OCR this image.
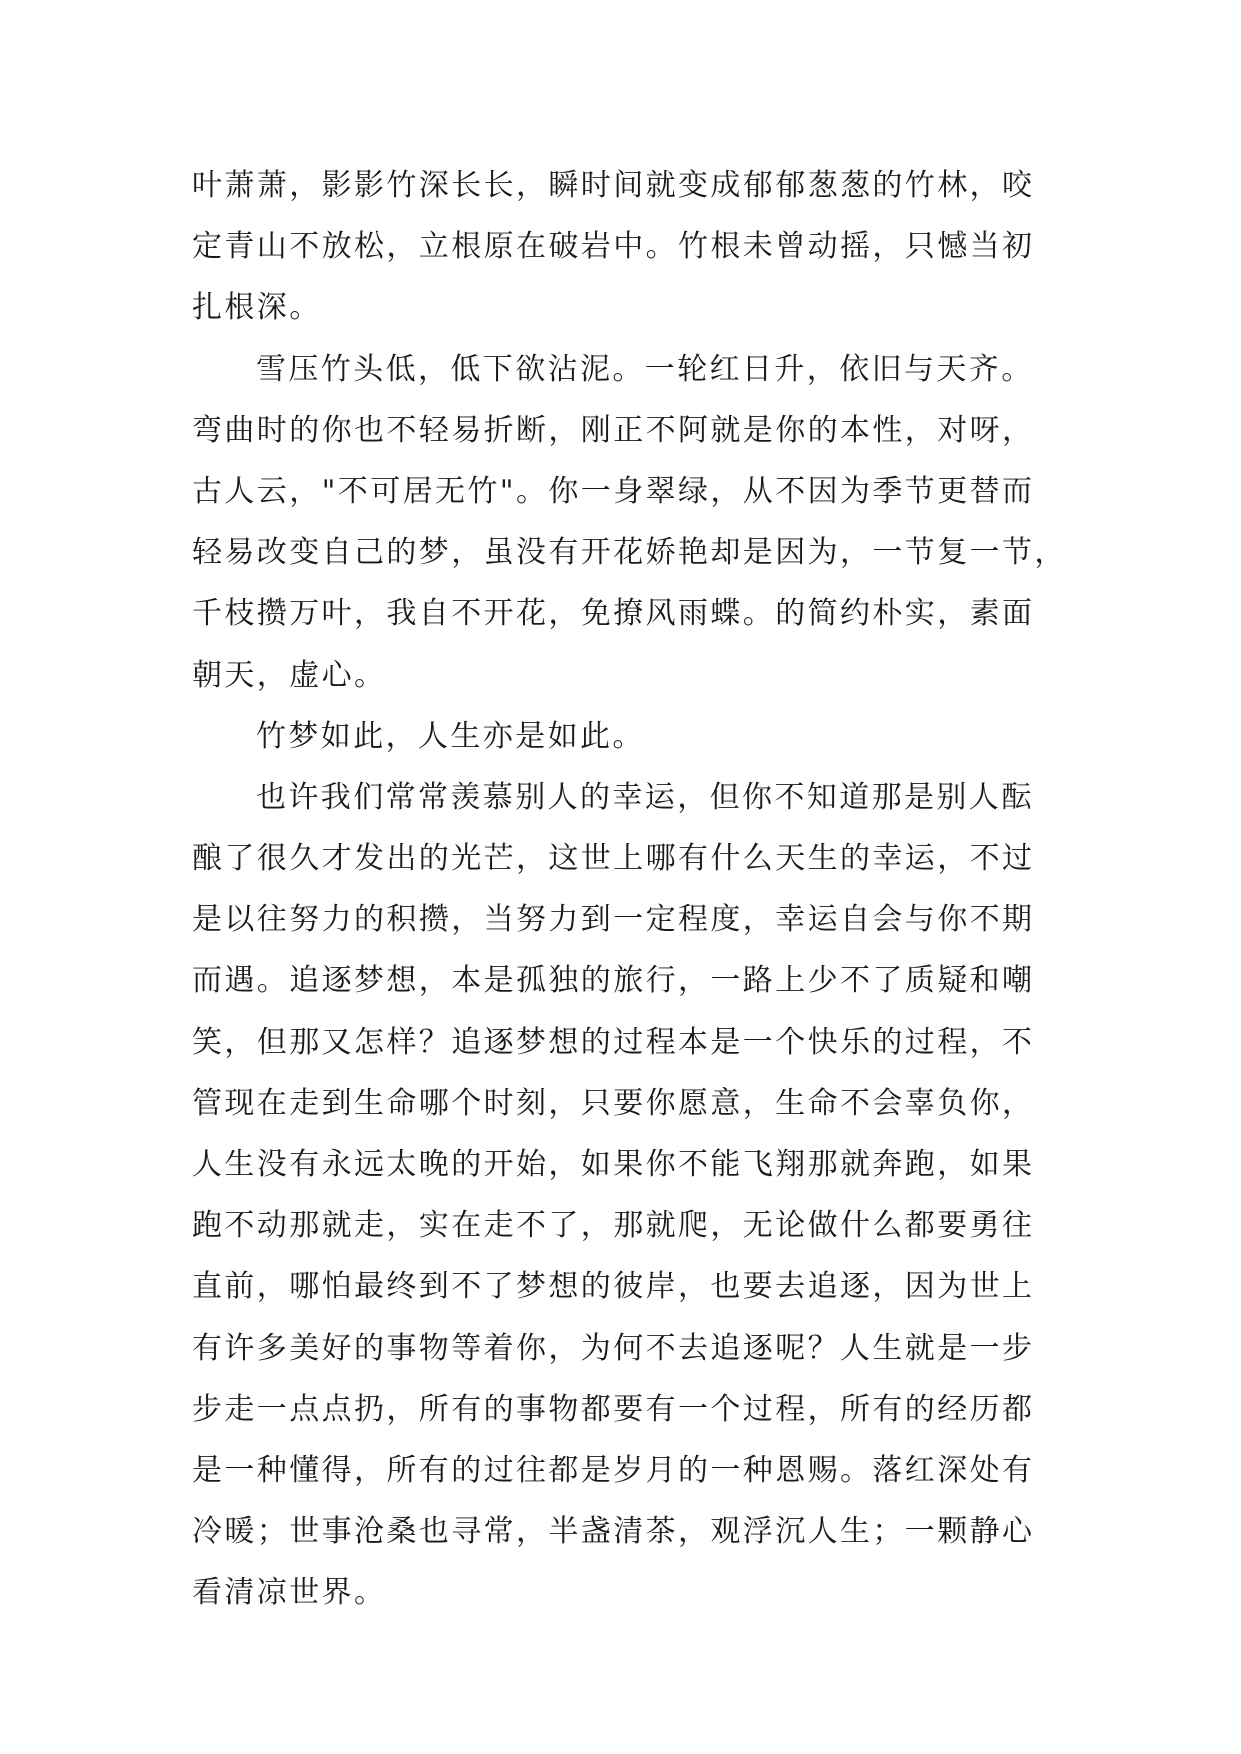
叶萧萧，影影竹深长长，瞬时间就变成郁郁葱葱的竹林，咬
定青山不放松，立根原在破岩中。竹根未曾动摇，只憾当初
扎根深。
雪压竹头低，低下欲沾泥。一轮红日升，依旧与天齐。
弯曲时的你也不轻易折断，刚正不阿就是你的本性，对呀，
古人云，"不可居无竹"。你一身翠绿，从不因为季节更替而
轻易改变自己的梦，虽没有开花娇艳却是因为，一节复一节，
千枝攒万叶，我自不开花，免撩风雨蝶。的简约朴实，素面
朝天，虚心。
竹梦如此，人生亦是如此。
也许我们常常羡慕别人的幸运，但你不知道那是别人酝
酿了很久才发出的光芒，这世上哪有什么天生的幸运，不过
是以往努力的积攒，当努力到一定程度，幸运自会与你不期
而遇。追逐梦想，本是孤独的旅行，一路上少不了质疑和嘲
笑，但那又怎样？追逐梦想的过程本是一个快乐的过程，不
管现在走到生命哪个时刻，只要你愿意，生命不会辜负你，
人生没有永远太晚的开始，如果你不能飞翔那就奔跑，如果
跑不动那就走，实在走不了，那就爬，无论做什么都要勇往
直前，哪怕最终到不了梦想的彼岸，也要去追逐，因为世上
有许多美好的事物等着你，为何不去追逐呢？人生就是一步
步走一点点扔，所有的事物都要有一个过程，所有的经历都
是一种懂得，所有的过往都是岁月的一种恩赐。落红深处有
冷暖；世事沧桑也寻常，半盏清茶，观浮沉人生；一颗静心
看清凉世界。
